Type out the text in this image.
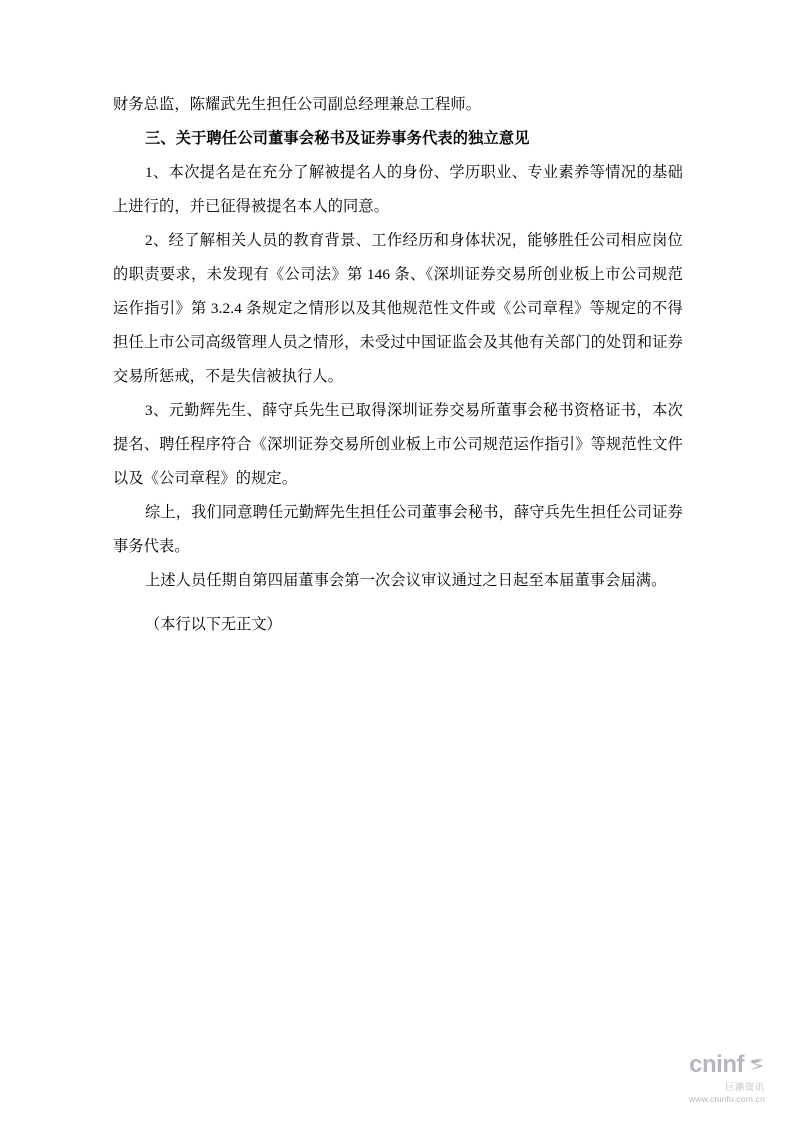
财务总监，陈耀武先生担任公司副总经理兼总工程师。

三、关于聘任公司董事会秘书及证券事务代表的独立意见

1、本次提名是在充分了解被提名人的身份、学历职业、专业素养等情况的基础上进行的，并已征得被提名本人的同意。

2、经了解相关人员的教育背景、工作经历和身体状况，能够胜任公司相应岗位的职责要求，未发现有《公司法》第 146 条、《深圳证券交易所创业板上市公司规范运作指引》第 3.2.4 条规定之情形以及其他规范性文件或《公司章程》等规定的不得担任上市公司高级管理人员之情形，未受过中国证监会及其他有关部门的处罚和证券交易所惩戒，不是失信被执行人。

3、元勤辉先生、薛守兵先生已取得深圳证券交易所董事会秘书资格证书，本次提名、聘任程序符合《深圳证券交易所创业板上市公司规范运作指引》等规范性文件以及《公司章程》的规定。

综上，我们同意聘任元勤辉先生担任公司董事会秘书，薛守兵先生担任公司证券事务代表。

上述人员任期自第四届董事会第一次会议审议通过之日起至本届董事会届满。

（本行以下无正文）

cninf
巨潮资讯
www.cninfo.com.cn
